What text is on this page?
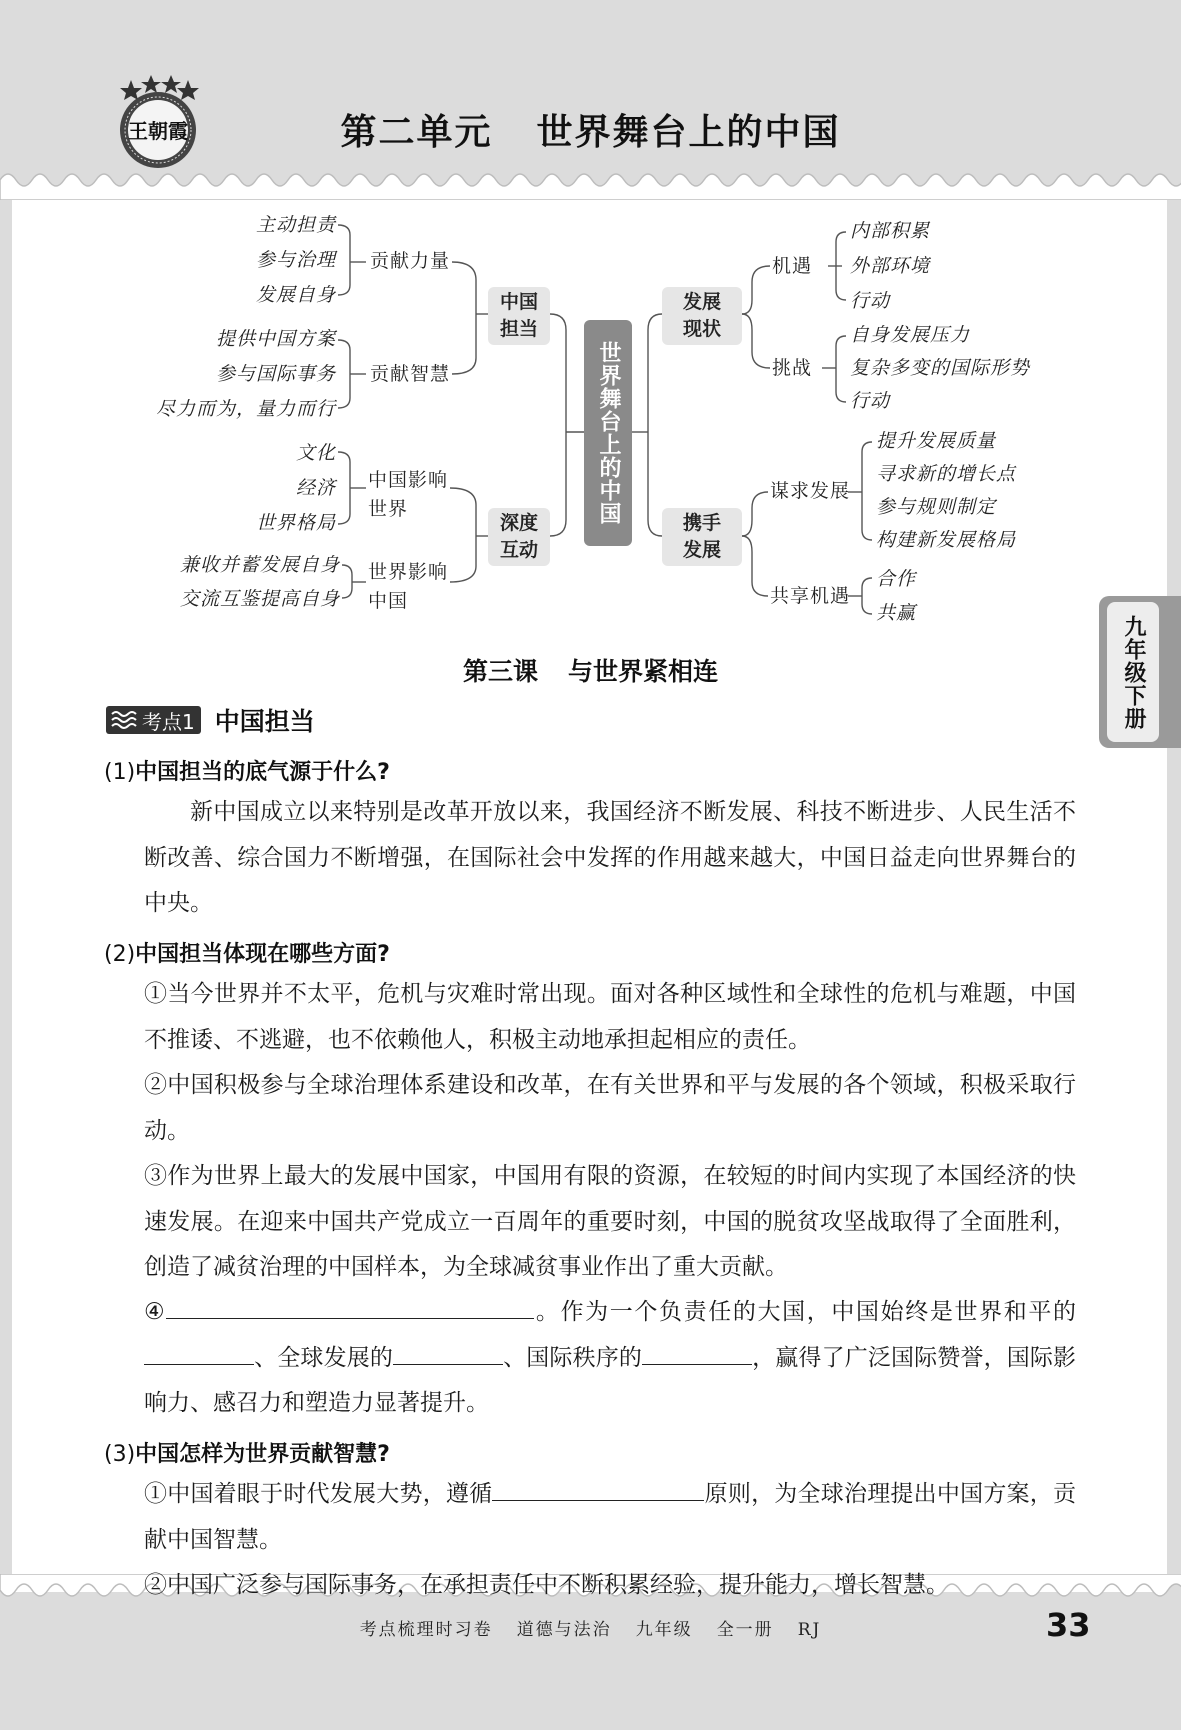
王朝霞	第二单元 世界舞台上的中国
主动担责
参与治理
发展自身
贡献力量
提供中国方案
参与国际事务
尽力而为，量力而行
贡献智慧
中国担当
文化
经济
世界格局
中国影响世界
兼收并蓄发展自身
交流互鉴提高自身
世界影响中国
深度互动
世界舞台上的中国
发展现状
机遇
内部积累
外部环境
行动
挑战
自身发展压力
复杂多变的国际形势
行动
携手发展
谋求发展
提升发展质量
寻求新的增长点
参与规则制定
构建新发展格局
共享机遇
合作
共赢
九年级下册
第三课 与世界紧相连
考点1 中国担当
(1)中国担当的底气源于什么?
新中国成立以来特别是改革开放以来，我国经济不断发展、科技不断进步、人民生活不断改善、综合国力不断增强，在国际社会中发挥的作用越来越大，中国日益走向世界舞台的中央。
(2)中国担当体现在哪些方面?
①当今世界并不太平，危机与灾难时常出现。面对各种区域性和全球性的危机与难题，中国不推诿、不逃避，也不依赖他人，积极主动地承担起相应的责任。
②中国积极参与全球治理体系建设和改革，在有关世界和平与发展的各个领域，积极采取行动。
③作为世界上最大的发展中国家，中国用有限的资源，在较短的时间内实现了本国经济的快速发展。在迎来中国共产党成立一百周年的重要时刻，中国的脱贫攻坚战取得了全面胜利，创造了减贫治理的中国样本，为全球减贫事业作出了重大贡献。
④	。作为一个负责任的大国，中国始终是世界和平的、全球发展的	、国际秩序的	，赢得了广泛国际赞誉，国际影响力、感召力和塑造力显著提升。
(3)中国怎样为世界贡献智慧?
①中国着眼于时代发展大势，遵循	原则，为全球治理提出中国方案，贡献中国智慧。
②中国广泛参与国际事务，在承担责任中不断积累经验，提升能力，增长智慧。
考点梳理时习卷 道德与法治 九年级 全一册 RJ	33
